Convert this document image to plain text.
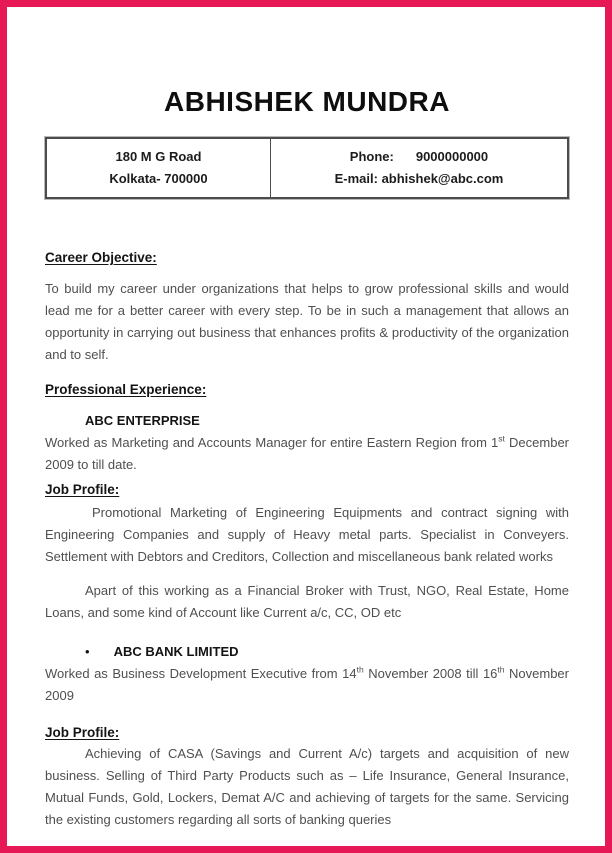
ABHISHEK MUNDRA
180 M G Road
Kolkata- 700000

Phone: 9000000000
E-mail: abhishek@abc.com
Career Objective:

To build my career under organizations that helps to grow professional skills and would lead me for a better career with every step. To be in such a management that allows an opportunity in carrying out business that enhances profits & productivity of the organization and to self.

Professional Experience:

ABC ENTERPRISE

Worked as Marketing and Accounts Manager for entire Eastern Region from 1st December 2009 to till date.

Job Profile:

Promotional Marketing of Engineering Equipments and contract signing with Engineering Companies and supply of Heavy metal parts. Specialist in Conveyers. Settlement with Debtors and Creditors, Collection and miscellaneous bank related works

Apart of this working as a Financial Broker with Trust, NGO, Real Estate, Home Loans, and some kind of Account like Current a/c, CC, OD etc

• ABC BANK LIMITED

Worked as Business Development Executive from 14th November 2008 till 16th November 2009

Job Profile:

Achieving of CASA (Savings and Current A/c) targets and acquisition of new business. Selling of Third Party Products such as – Life Insurance, General Insurance, Mutual Funds, Gold, Lockers, Demat A/C and achieving of targets for the same. Servicing the existing customers regarding all sorts of banking queries
